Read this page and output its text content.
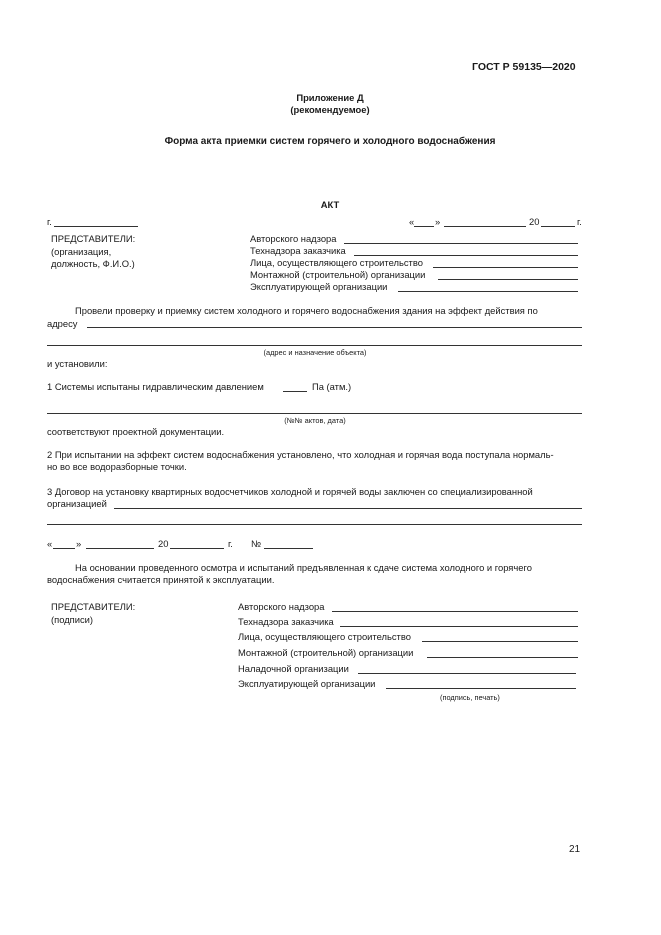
ГОСТ Р 59135—2020
Приложение Д
(рекомендуемое)
Форма акта приемки систем горячего и холодного водоснабжения
АКТ
г.	« »	20	г.
ПРЕДСТАВИТЕЛИ:
(организация,
должность, Ф.И.О.)
Авторского надзора
Технадзора заказчика
Лица, осуществляющего строительство
Монтажной (строительной) организации
Эксплуатирующей организации
Провели проверку и приемку систем холодного и горячего водоснабжения здания на эффект действия по
адресу
(адрес и назначение объекта)
и установили:
1 Системы испытаны гидравлическим давлением	Па (атм.)
(№№ актов, дата)
соответствуют проектной документации.
2 При испытании на эффект систем водоснабжения установлено, что холодная и горячая вода поступала нормаль-
но во все водоразборные точки.
3 Договор на установку квартирных водосчетчиков холодной и горячей воды заключен со специализированной
организацией
«	»	20	г. №
На основании проведенного осмотра и испытаний предъявленная к сдаче система холодного и горячего
водоснабжения считается принятой к эксплуатации.
ПРЕДСТАВИТЕЛИ:
(подписи)
Авторского надзора
Технадзора заказчика
Лица, осуществляющего строительство
Монтажной (строительной) организации
Наладочной организации
Эксплуатирующей организации
(подпись, печать)
21
